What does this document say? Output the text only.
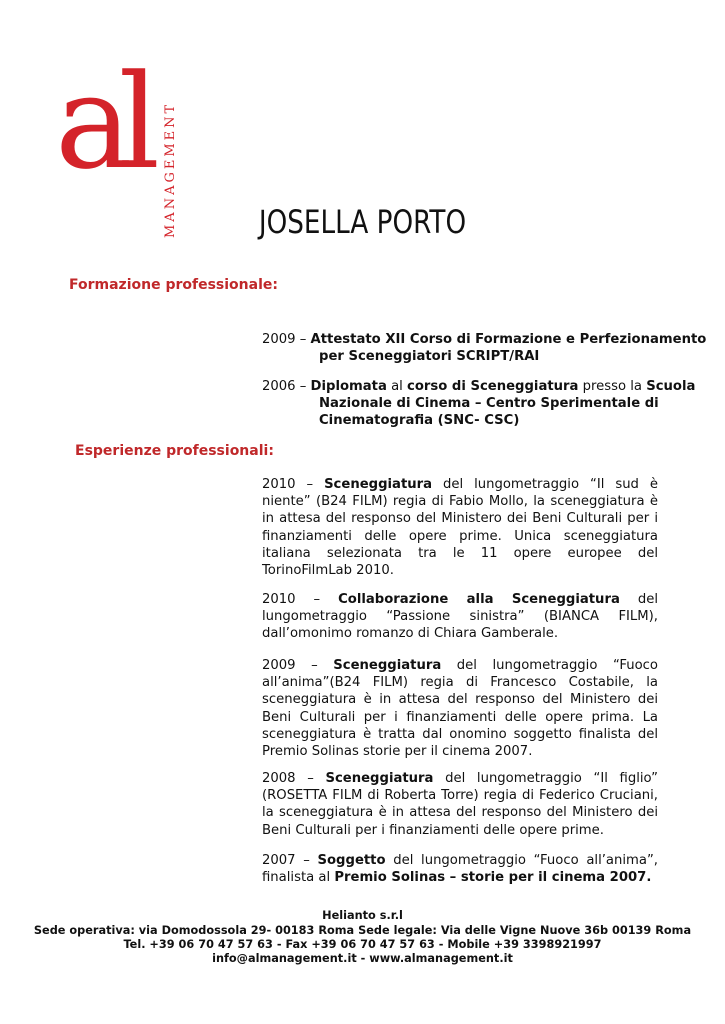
al MANAGEMENT	JOSELLA PORTO
Formazione professionale:
2009 – Attestato XII Corso di Formazione e Perfezionamento per Sceneggiatori SCRIPT/RAI
2006 – Diplomata al corso di Sceneggiatura presso la Scuola Nazionale di Cinema – Centro Sperimentale di Cinematografia (SNC- CSC)
Esperienze professionali:
2010 – Sceneggiatura del lungometraggio “Il sud è niente” (B24 FILM) regia di Fabio Mollo, la sceneggiatura è in attesa del responso del Ministero dei Beni Culturali per i finanziamenti delle opere prime. Unica sceneggiatura italiana selezionata tra le 11 opere europee del TorinoFilmLab 2010.
2010 – Collaborazione alla Sceneggiatura del lungometraggio “Passione sinistra” (BIANCA FILM), dall’omonimo romanzo di Chiara Gamberale.
2009 – Sceneggiatura del lungometraggio “Fuoco all’anima”(B24 FILM) regia di Francesco Costabile, la sceneggiatura è in attesa del responso del Ministero dei Beni Culturali per i finanziamenti delle opere prima. La sceneggiatura è tratta dal onomino soggetto finalista del Premio Solinas storie per il cinema 2007.
2008 – Sceneggiatura del lungometraggio “Il figlio” (ROSETTA FILM di Roberta Torre) regia di Federico Cruciani, la sceneggiatura è in attesa del responso del Ministero dei Beni Culturali per i finanziamenti delle opere prime.
2007 – Soggetto del lungometraggio “Fuoco all’anima”, finalista al Premio Solinas – storie per il cinema 2007.
Helianto s.r.l
Sede operativa: via Domodossola 29- 00183 Roma Sede legale: Via delle Vigne Nuove 36b 00139 Roma
Tel. +39 06 70 47 57 63 - Fax +39 06 70 47 57 63 - Mobile +39 3398921997
info@almanagement.it - www.almanagement.it
